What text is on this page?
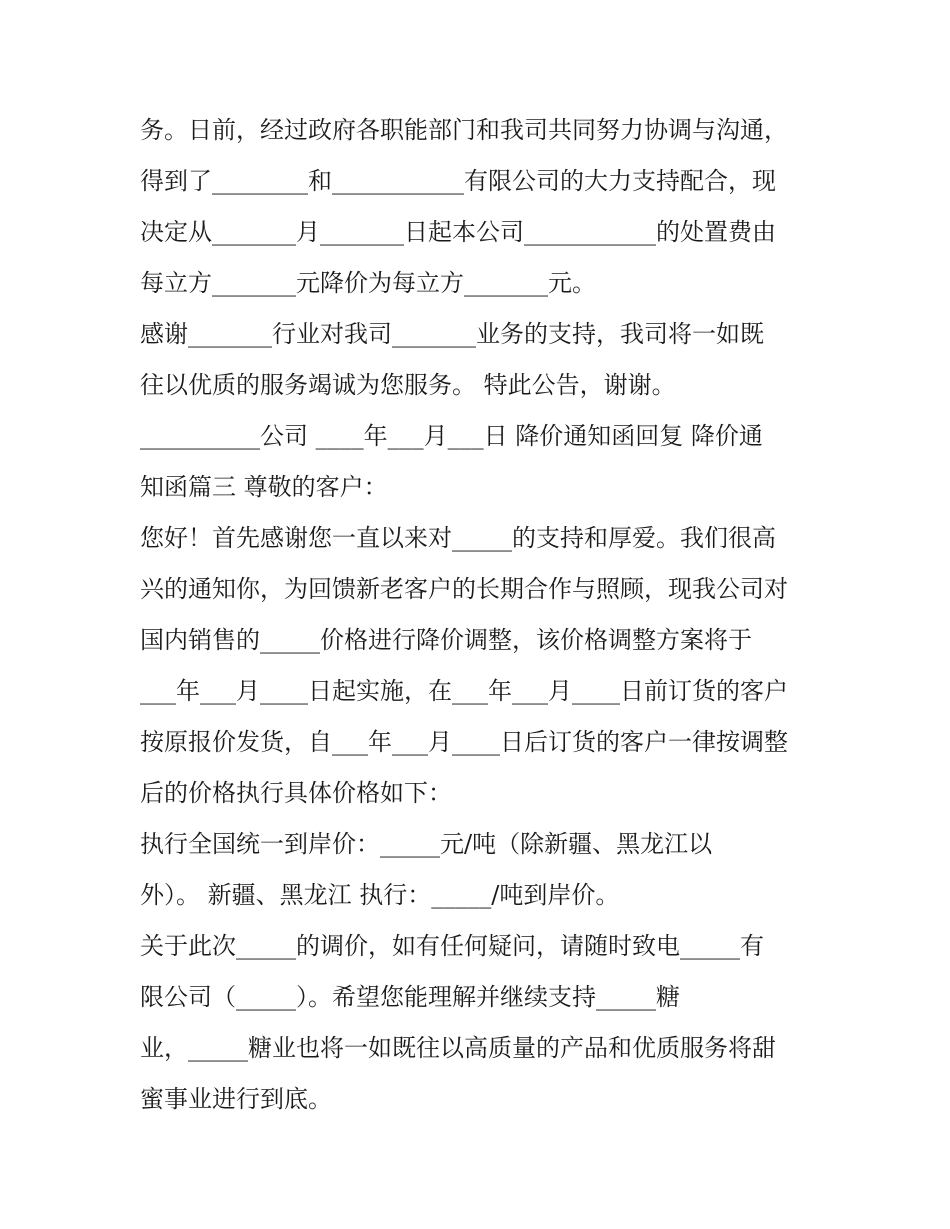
务。日前，经过政府各职能部门和我司共同努力协调与沟通，
得到了________和___________有限公司的大力支持配合，现
决定从_______月_______日起本公司___________的处置费由
每立方_______元降价为每立方_______元。
感谢_______行业对我司_______业务的支持，我司将一如既
往以优质的服务竭诚为您服务。 特此公告，谢谢。
__________公司 ____年___月___日 降价通知函回复 降价通
知函篇三 尊敬的客户：
您好！首先感谢您一直以来对_____的支持和厚爱。我们很高
兴的通知你，为回馈新老客户的长期合作与照顾，现我公司对
国内销售的_____价格进行降价调整，该价格调整方案将于
___年___月____日起实施，在___年___月____日前订货的客户
按原报价发货，自___年___月____日后订货的客户一律按调整
后的价格执行具体价格如下：
执行全国统一到岸价：_____元/吨（除新疆、黑龙江以
外）。 新疆、黑龙江 执行：_____/吨到岸价。
关于此次_____的调价，如有任何疑问，请随时致电_____有
限公司（_____）。希望您能理解并继续支持_____糖
业，_____糖业也将一如既往以高质量的产品和优质服务将甜
蜜事业进行到底。
